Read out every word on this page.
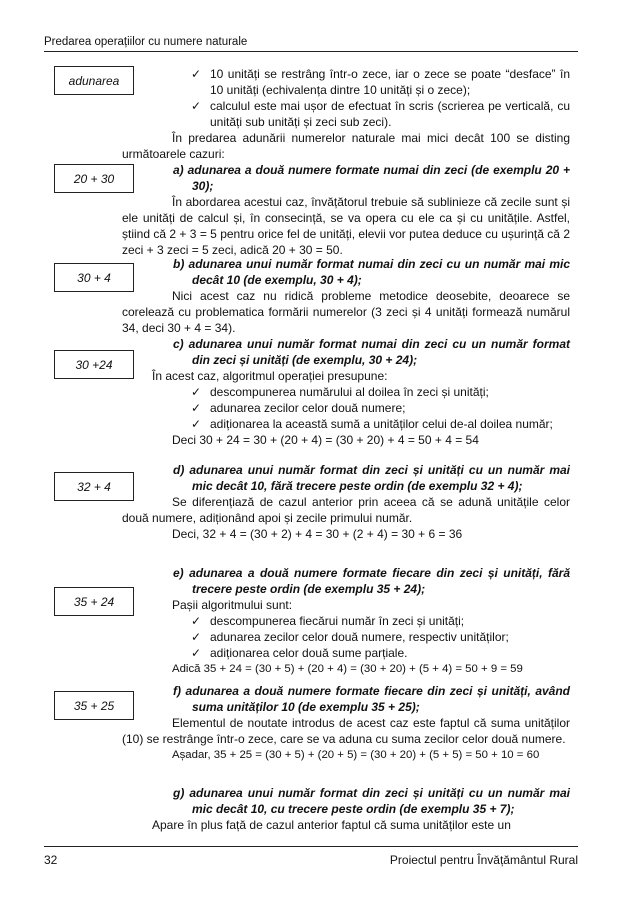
Predarea operațiilor cu numere naturale
adunarea
20 + 30
30 + 4
30 +24
32 + 4
35 + 24
35 + 25

✓ 10 unități se restrâng într-o zece, iar o zece se poate “desface” în 10 unități (echivalența dintre 10 unități și o zece);

✓ calculul este mai ușor de efectuat în scris (scrierea pe verticală, cu unități sub unități și zeci sub zeci).

În predarea adunării numerelor naturale mai mici decât 100 se disting următoarele cazuri:

a) adunarea a două numere formate numai din zeci (de exemplu 20 + 30);

În abordarea acestui caz, învățătorul trebuie să sublinieze că zecile sunt și ele unități de calcul și, în consecință, se va opera cu ele ca și cu unitățile. Astfel, știind că 2 + 3 = 5 pentru orice fel de unități, elevii vor putea deduce cu ușurință că 2 zeci + 3 zeci = 5 zeci, adică 20 + 30 = 50.

b) adunarea unui număr format numai din zeci cu un număr mai mic decât 10 (de exemplu, 30 + 4);

Nici acest caz nu ridică probleme metodice deosebite, deoarece se corelează cu problematica formării numerelor (3 zeci și 4 unități formează numărul 34, deci 30 + 4 = 34).

c) adunarea unui număr format numai din zeci cu un număr format din zeci și unități (de exemplu, 30 + 24);

În acest caz, algoritmul operației presupune:

✓ descompunerea numărului al doilea în zeci și unități;

✓ adunarea zecilor celor două numere;

✓ adiționarea la această sumă a unităților celui de-al doilea număr;

Deci 30 + 24 = 30 + (20 + 4) = (30 + 20) + 4 = 50 + 4 = 54

d) adunarea unui număr format din zeci și unități cu un număr mai mic decât 10, fără trecere peste ordin (de exemplu 32 + 4);

Se diferențiază de cazul anterior prin aceea că se adună unitățile celor două numere, adiționând apoi și zecile primului număr.

Deci, 32 + 4 = (30 + 2) + 4 = 30 + (2 + 4) = 30 + 6 = 36

e) adunarea a două numere formate fiecare din zeci și unități, fără trecere peste ordin (de exemplu 35 + 24);

Pașii algoritmului sunt:

✓ descompunerea fiecărui număr în zeci și unități;

✓ adunarea zecilor celor două numere, respectiv unităților;

✓ adiționarea celor două sume parțiale.

Adică 35 + 24 = (30 + 5) + (20 + 4) = (30 + 20) + (5 + 4) = 50 + 9 = 59

f) adunarea a două numere formate fiecare din zeci și unități, având suma unităților 10 (de exemplu 35 + 25);

Elementul de noutate introdus de acest caz este faptul că suma unităților (10) se restrânge într-o zece, care se va aduna cu suma zecilor celor două numere.

Așadar, 35 + 25 = (30 + 5) + (20 + 5) = (30 + 20) + (5 + 5) = 50 + 10 = 60

g) adunarea unui număr format din zeci și unități cu un număr mai mic decât 10, cu trecere peste ordin (de exemplu 35 + 7);

Apare în plus față de cazul anterior faptul că suma unităților este un

32	Proiectul pentru Învățământul Rural
